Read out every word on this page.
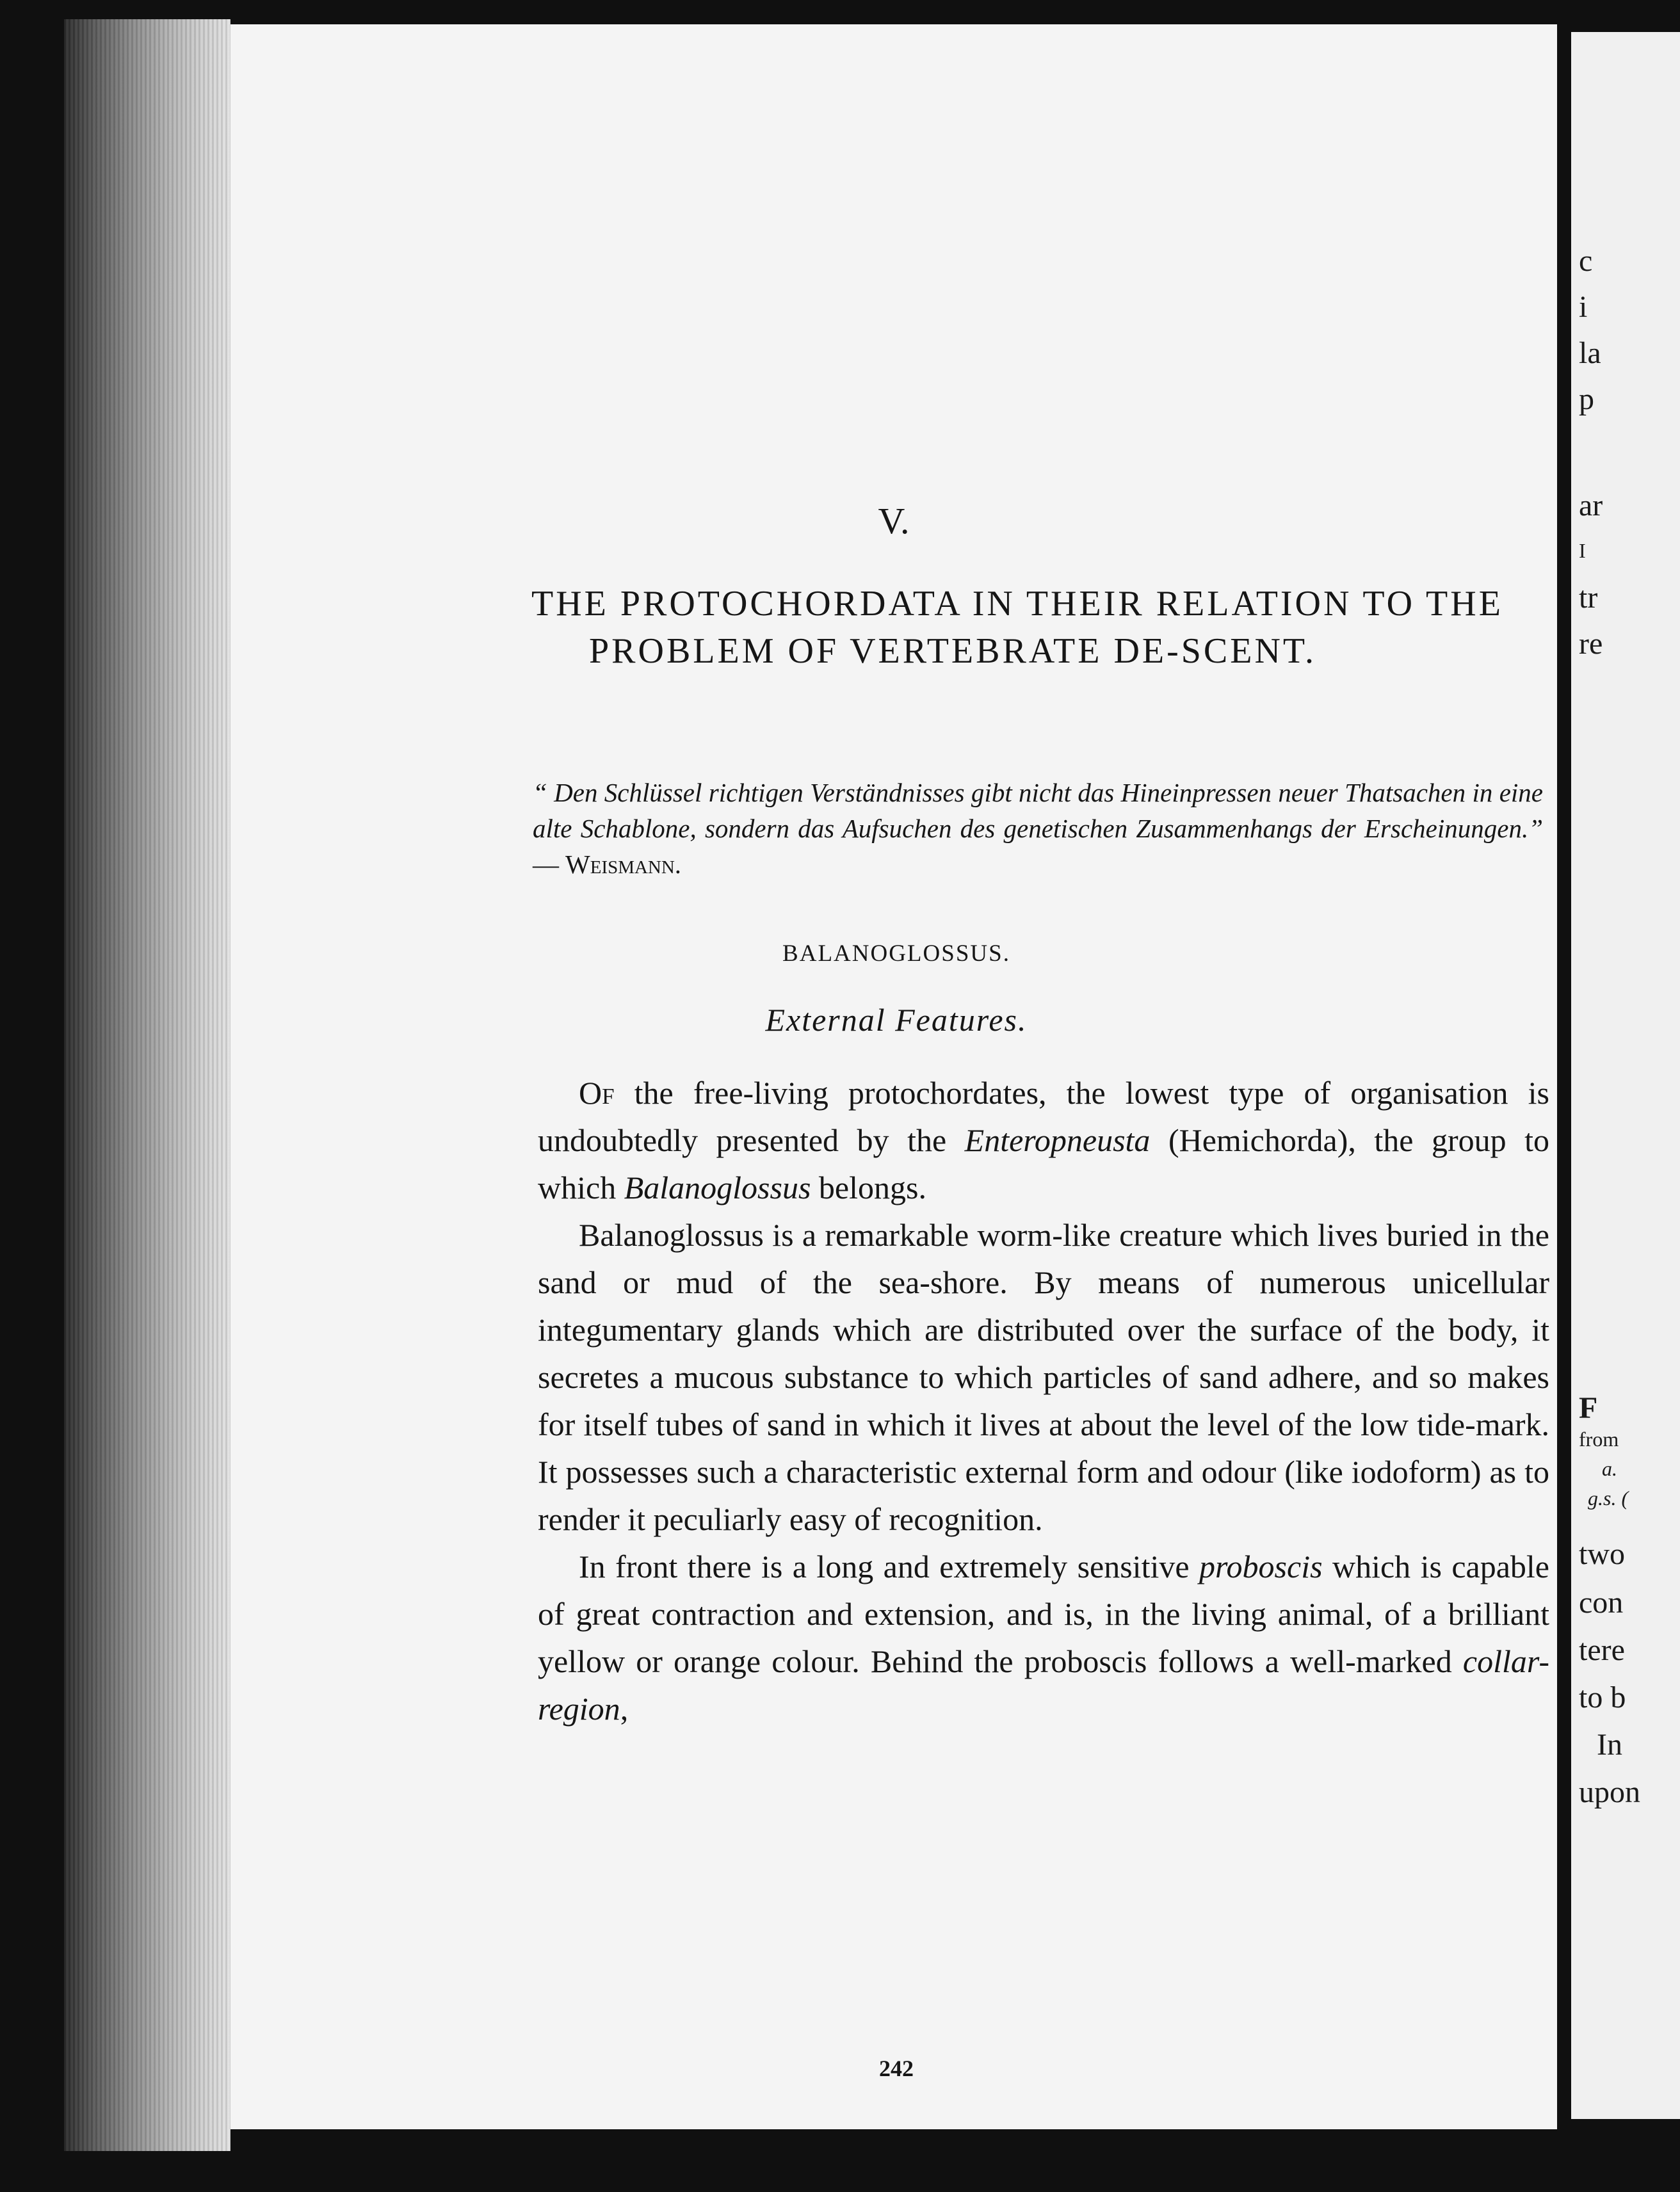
V.
THE PROTOCHORDATA IN THEIR RELATION TO THE PROBLEM OF VERTEBRATE DE-SCENT.
“ Den Schlüssel richtigen Verständnisses gibt nicht das Hineinpressen neuer Thatsachen in eine alte Schablone, sondern das Aufsuchen des genetischen Zusammenhangs der Erscheinungen.” — Weismann.
BALANOGLOSSUS.
External Features.

Of the free-living protochordates, the lowest type of organisation is undoubtedly presented by the Enteropneusta (Hemichorda), the group to which Balanoglossus belongs.

Balanoglossus is a remarkable worm-like creature which lives buried in the sand or mud of the sea-shore. By means of numerous unicellular integumentary glands which are distributed over the surface of the body, it secretes a mucous substance to which particles of sand adhere, and so makes for itself tubes of sand in which it lives at about the level of the low tide-mark. It possesses such a characteristic external form and odour (like iodoform) as to render it peculiarly easy of recognition.

In front there is a long and extremely sensitive proboscis which is capable of great contraction and extension, and is, in the living animal, of a brilliant yellow or orange colour. Behind the proboscis follows a well-marked collar-region,

242
c
i
la
p
ar
I
tr
re
F
from
a.
g.s. (
two
con
tere
to b
In
upon
